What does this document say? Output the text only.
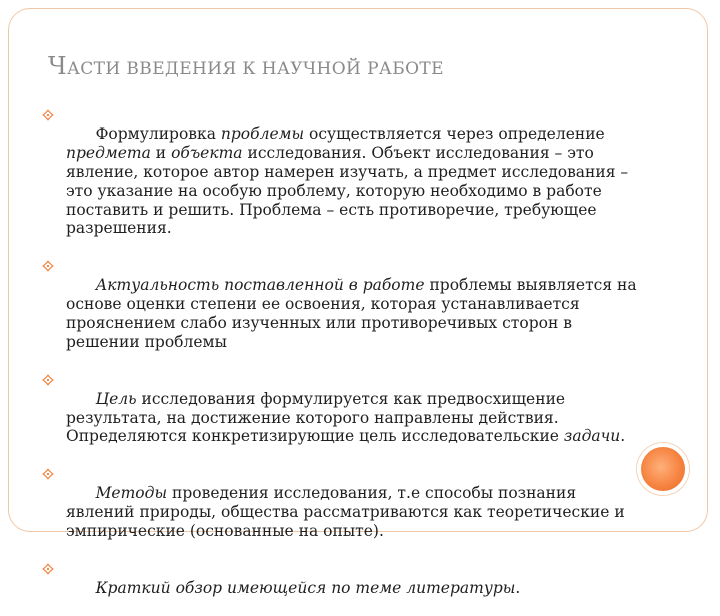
ЧАСТИ ВВЕДЕНИЯ К НАУЧНОЙ РАБОТЕ

Формулировка проблемы осуществляется через определение предмета и объекта исследования. Объект исследования – это явление, которое автор намерен изучать, а предмет исследования – это указание на особую проблему, которую необходимо в работе поставить и решить. Проблема – есть противоречие, требующее разрешения.

Актуальность поставленной в работе проблемы выявляется на основе оценки степени ее освоения, которая устанавливается прояснением слабо изученных или противоречивых сторон в решении проблемы

Цель исследования формулируется как предвосхищение результата, на достижение которого направлены действия. Определяются конкретизирующие цель исследовательские задачи.

Методы проведения исследования, т.е способы познания явлений природы, общества рассматриваются как теоретические и эмпирические (основанные на опыте).

Краткий обзор имеющейся по теме литературы.
